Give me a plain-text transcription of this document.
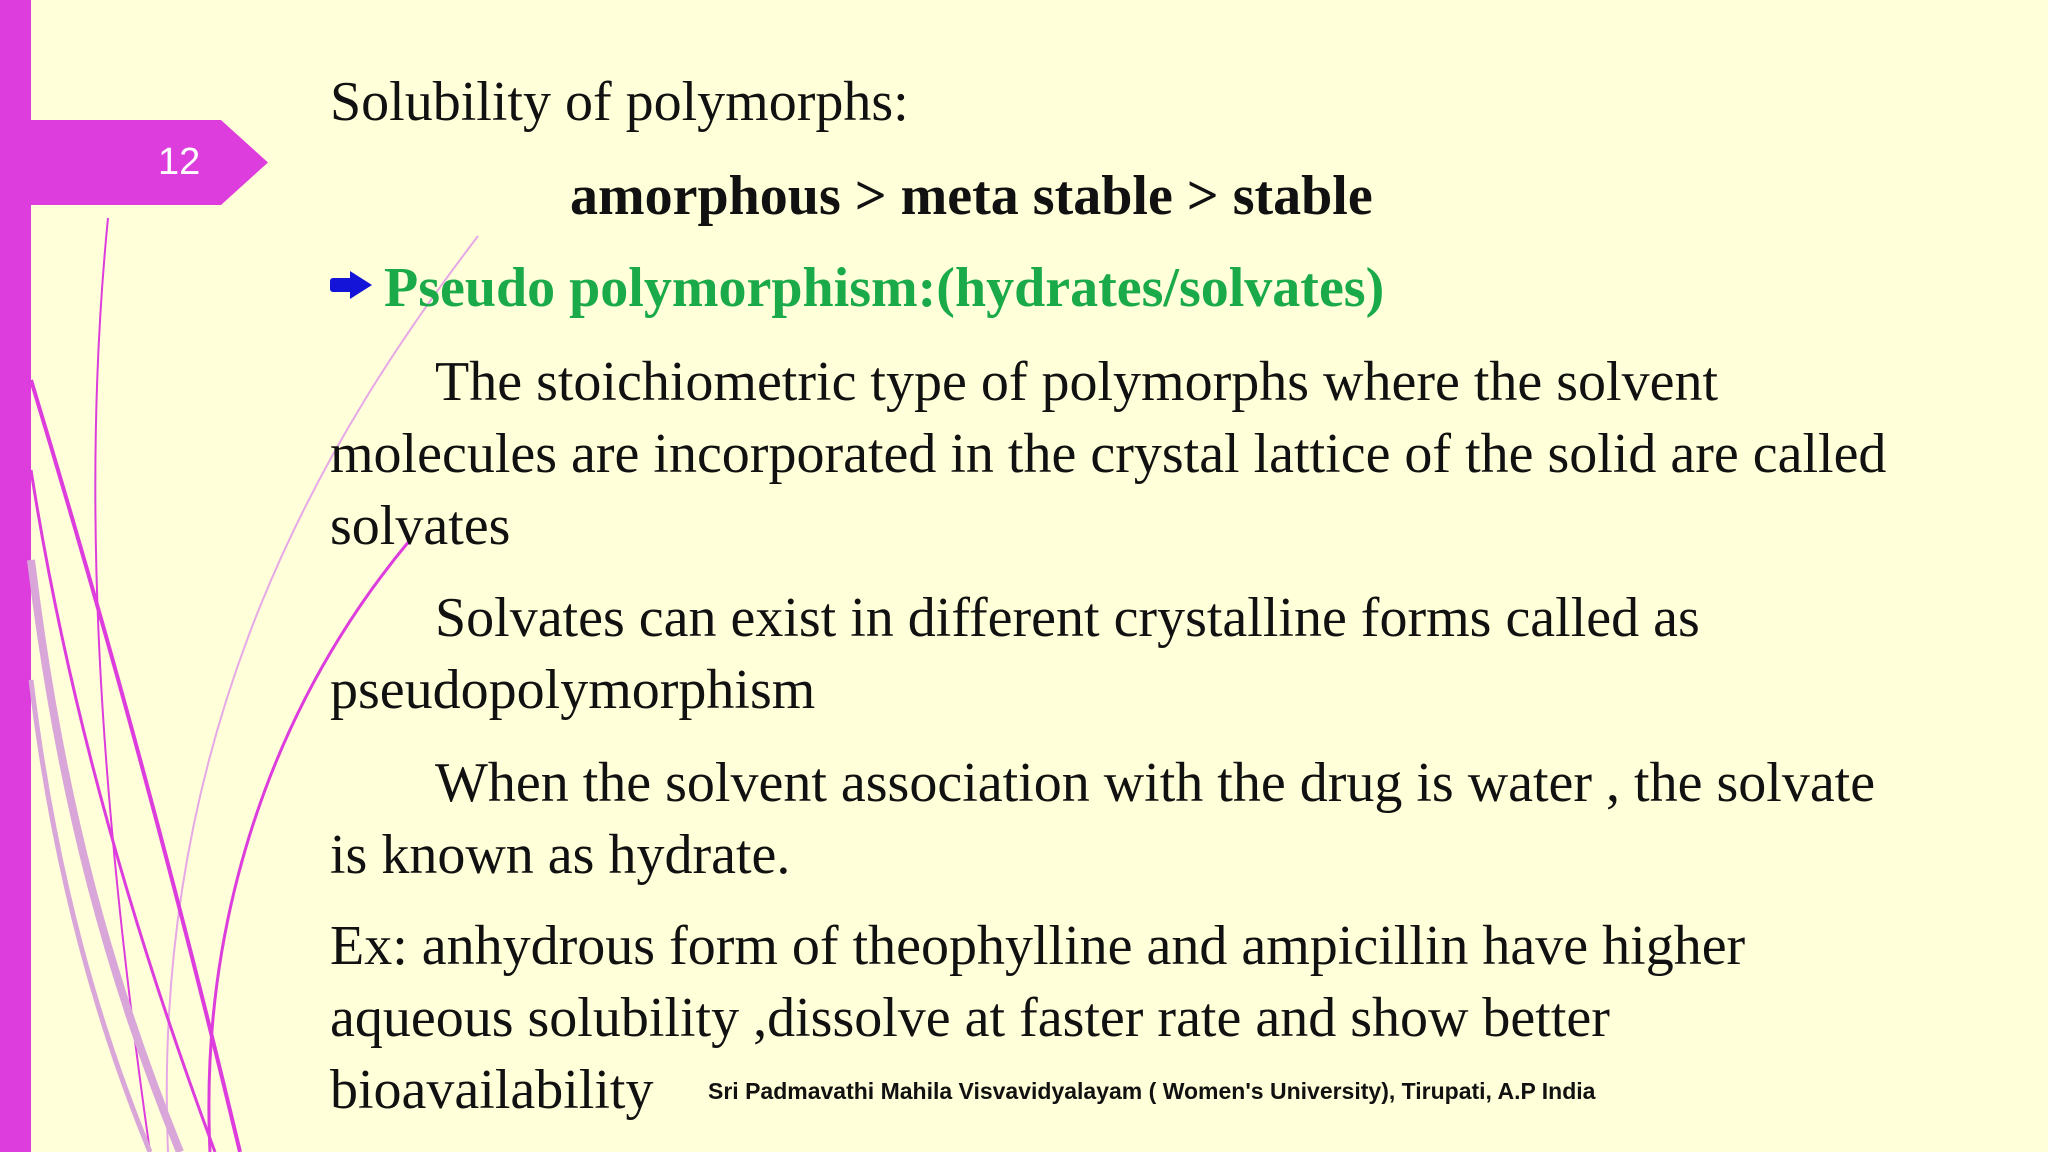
12
Solubility of polymorphs:
amorphous > meta stable > stable
Pseudo polymorphism:(hydrates/solvates)
The stoichiometric type of polymorphs where the solvent
molecules are incorporated in the crystal lattice of the solid are called
solvates
Solvates can exist in different crystalline forms called as
pseudopolymorphism
When the solvent association with the drug is water , the solvate
is known as hydrate.
Ex: anhydrous form of theophylline and ampicillin have higher
aqueous solubility ,dissolve at faster rate and show better
bioavailability	Sri Padmavathi Mahila Visvavidyalayam ( Women's University), Tirupati, A.P India
